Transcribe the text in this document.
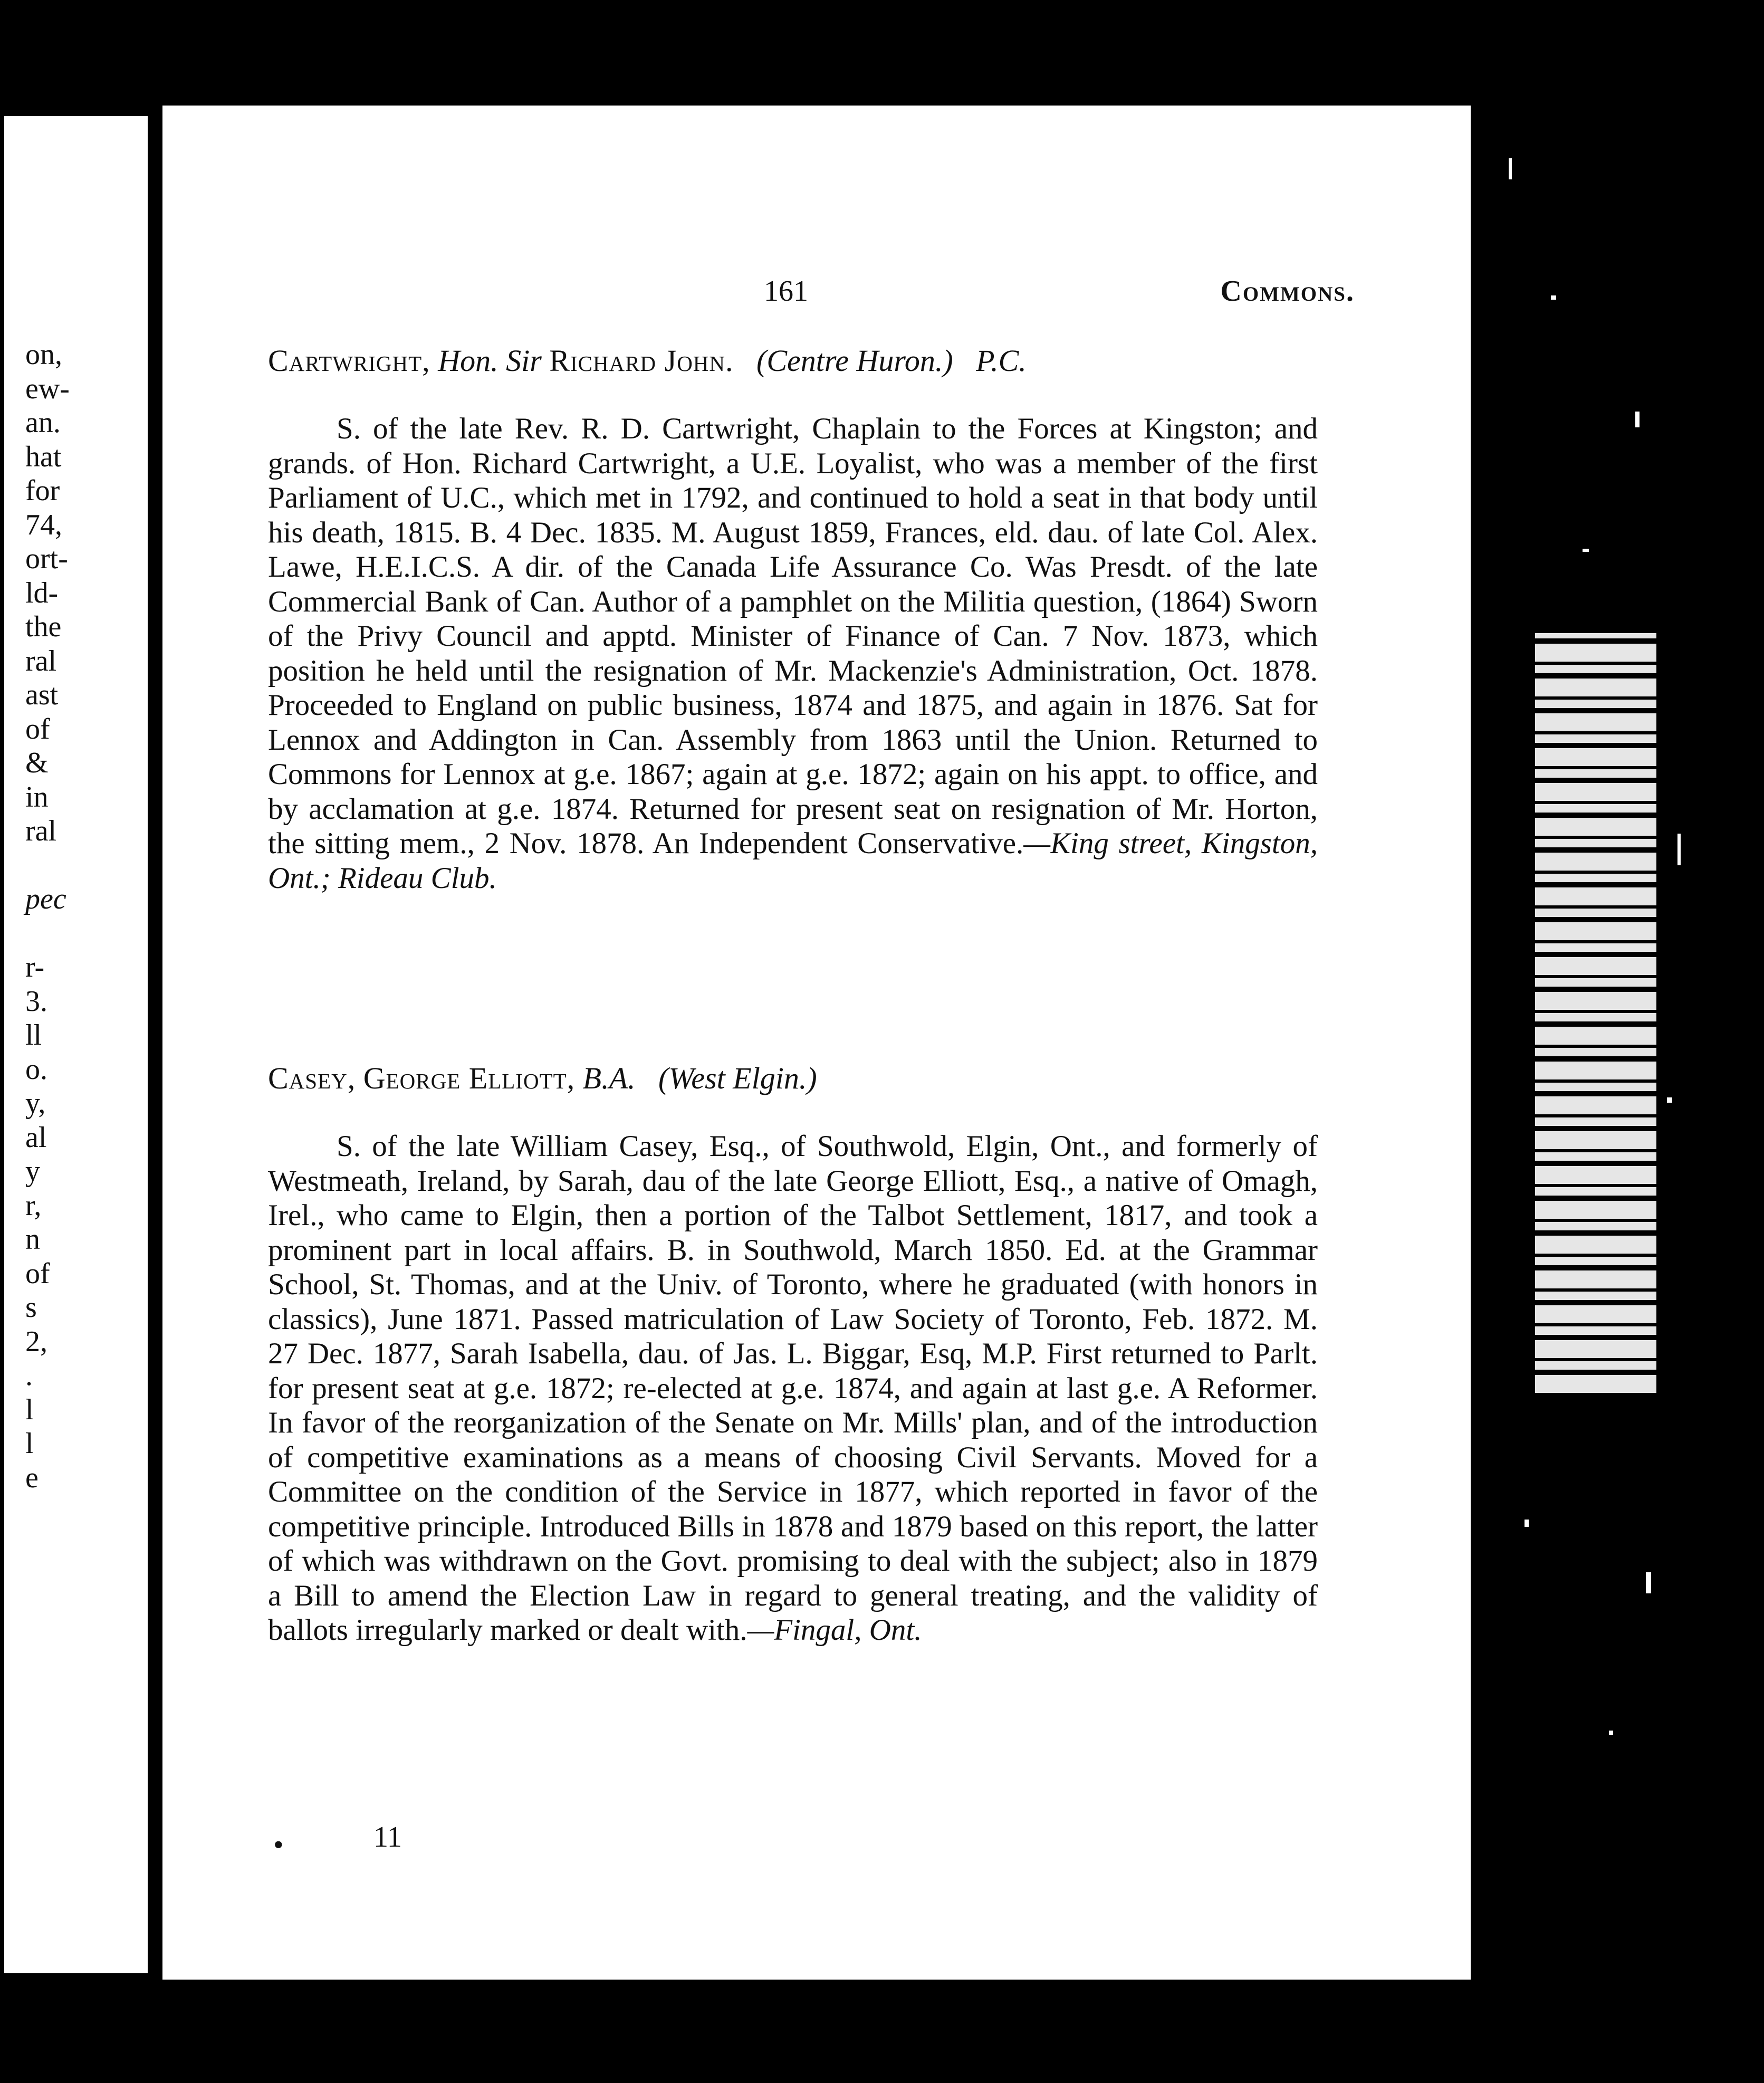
on,
ew-
an.
hat
for
74,
ort-
ld-
the
ral
ast
of
&
in
ral
pec
r-
3.
ll
o.
y,
al
y
r,
n
of
s
2,
.
l
l
e
161	Commons.
Cartwright, Hon. Sir Richard John. (Centre Huron.) P.C.

S. of the late Rev. R. D. Cartwright, Chaplain to the Forces at Kingston; and grands. of Hon. Richard Cartwright, a U.E. Loyalist, who was a member of the first Parliament of U.C., which met in 1792, and continued to hold a seat in that body until his death, 1815. B. 4 Dec. 1835. M. August 1859, Frances, eld. dau. of late Col. Alex. Lawe, H.E.I.C.S. A dir. of the Canada Life Assurance Co. Was Presdt. of the late Commercial Bank of Can. Author of a pamphlet on the Militia question, (1864) Sworn of the Privy Council and apptd. Minister of Finance of Can. 7 Nov. 1873, which position he held until the resignation of Mr. Mackenzie's Administration, Oct. 1878. Proceeded to England on public business, 1874 and 1875, and again in 1876. Sat for Lennox and Addington in Can. Assembly from 1863 until the Union. Returned to Commons for Lennox at g.e. 1867; again at g.e. 1872; again on his appt. to office, and by acclamation at g.e. 1874. Returned for present seat on resignation of Mr. Horton, the sitting mem., 2 Nov. 1878. An Independent Conservative.—King street, Kingston, Ont.; Rideau Club.

Casey, George Elliott, B.A. (West Elgin.)

S. of the late William Casey, Esq., of Southwold, Elgin, Ont., and formerly of Westmeath, Ireland, by Sarah, dau of the late George Elliott, Esq., a native of Omagh, Irel., who came to Elgin, then a portion of the Talbot Settlement, 1817, and took a prominent part in local affairs. B. in Southwold, March 1850. Ed. at the Grammar School, St. Thomas, and at the Univ. of Toronto, where he graduated (with honors in classics), June 1871. Passed matriculation of Law Society of Toronto, Feb. 1872. M. 27 Dec. 1877, Sarah Isabella, dau. of Jas. L. Biggar, Esq, M.P. First returned to Parlt. for present seat at g.e. 1872; re-elected at g.e. 1874, and again at last g.e. A Reformer. In favor of the reorganization of the Senate on Mr. Mills' plan, and of the introduction of competitive examinations as a means of choosing Civil Servants. Moved for a Committee on the condition of the Service in 1877, which reported in favor of the competitive principle. Introduced Bills in 1878 and 1879 based on this report, the latter of which was withdrawn on the Govt. promising to deal with the subject; also in 1879 a Bill to amend the Election Law in regard to general treating, and the validity of ballots irregularly marked or dealt with.—Fingal, Ont.

•	11
